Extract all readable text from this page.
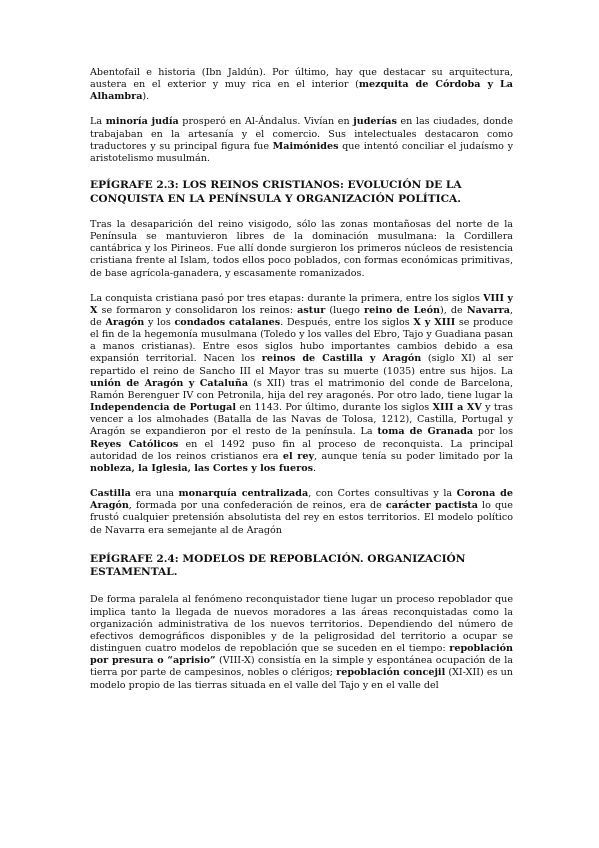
Abentofail e historia (Ibn Jaldún). Por último, hay que destacar su arquitectura, austera en el exterior y muy rica en el interior (mezquita de Córdoba y La Alhambra).

La minoría judía prosperó en Al-Ándalus. Vivían en juderías en las ciudades, donde trabajaban en la artesanía y el comercio. Sus intelectuales destacaron como traductores y su principal figura fue Maimónides que intentó conciliar el judaísmo y aristotelismo musulmán.

EPÍGRAFE 2.3: LOS REINOS CRISTIANOS: EVOLUCIÓN DE LA CONQUISTA EN LA PENÍNSULA Y ORGANIZACIÓN POLÍTICA.

Tras la desaparición del reino visigodo, sólo las zonas montañosas del norte de la Península se mantuvieron libres de la dominación musulmana: la Cordillera cantábrica y los Pirineos. Fue allí donde surgieron los primeros núcleos de resistencia cristiana frente al Islam, todos ellos poco poblados, con formas económicas primitivas, de base agrícola-ganadera, y escasamente romanizados.

La conquista cristiana pasó por tres etapas: durante la primera, entre los siglos VIII y X se formaron y consolidaron los reinos: astur (luego reino de León), de Navarra, de Aragón y los condados catalanes. Después, entre los siglos X y XIII se produce el fin de la hegemonía musulmana (Toledo y los valles del Ebro, Tajo y Guadiana pasan a manos cristianas). Entre esos siglos hubo importantes cambios debido a esa expansión territorial. Nacen los reinos de Castilla y Aragón (siglo XI) al ser repartido el reino de Sancho III el Mayor tras su muerte (1035) entre sus hijos. La unión de Aragón y Cataluña (s XII) tras el matrimonio del conde de Barcelona, Ramón Berenguer IV con Petronila, hija del rey aragonés. Por otro lado, tiene lugar la Independencia de Portugal en 1143. Por último, durante los siglos XIII a XV y tras vencer a los almohades (Batalla de las Navas de Tolosa, 1212), Castilla, Portugal y Aragón se expandieron por el resto de la península. La toma de Granada por los Reyes Católicos en el 1492 puso fin al proceso de reconquista. La principal autoridad de los reinos cristianos era el rey, aunque tenía su poder limitado por la nobleza, la Iglesia, las Cortes y los fueros.

Castilla era una monarquía centralizada, con Cortes consultivas y la Corona de Aragón, formada por una confederación de reinos, era de carácter pactista lo que frustó cualquier pretensión absolutista del rey en estos territorios. El modelo político de Navarra era semejante al de Aragón

EPÍGRAFE 2.4: MODELOS DE REPOBLACIÓN. ORGANIZACIÓN ESTAMENTAL.

De forma paralela al fenómeno reconquistador tiene lugar un proceso repoblador que implica tanto la llegada de nuevos moradores a las áreas reconquistadas como la organización administrativa de los nuevos territorios. Dependiendo del número de efectivos demográficos disponibles y de la peligrosidad del territorio a ocupar se distinguen cuatro modelos de repoblación que se suceden en el tiempo: repoblación por presura o “aprisio” (VIII-X) consistía en la simple y espontánea ocupación de la tierra por parte de campesinos, nobles o clérigos; repoblación concejil (XI-XII) es un modelo propio de las tierras situada en el valle del Tajo y en el valle del
